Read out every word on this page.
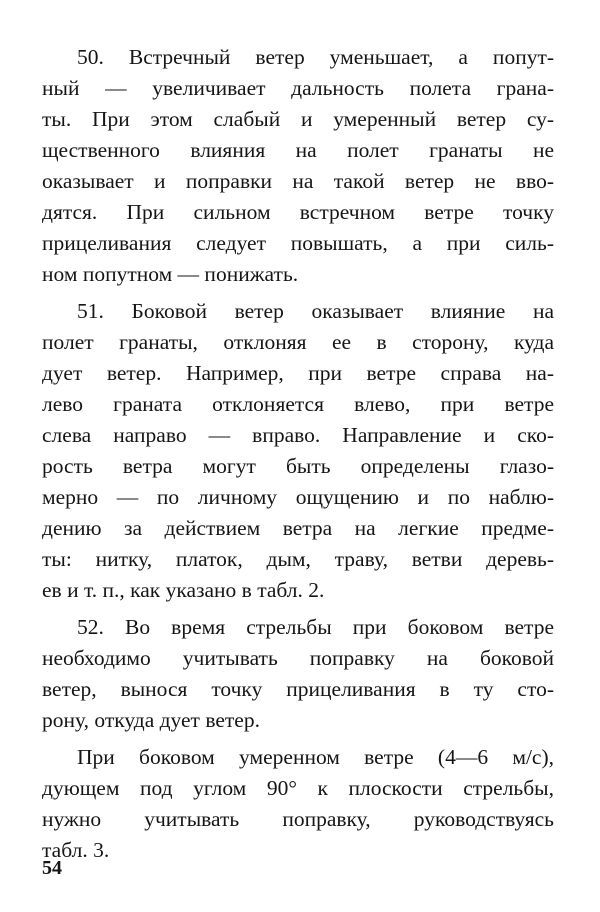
50. Встречный ветер уменьшает, а попут-
ный — увеличивает дальность полета грана-
ты. При этом слабый и умеренный ветер су-
щественного влияния на полет гранаты не
оказывает и поправки на такой ветер не вво-
дятся. При сильном встречном ветре точку
прицеливания следует повышать, а при силь-
ном попутном — понижать.
51. Боковой ветер оказывает влияние на
полет гранаты, отклоняя ее в сторону, куда
дует ветер. Например, при ветре справа на-
лево граната отклоняется влево, при ветре
слева направо — вправо. Направление и ско-
рость ветра могут быть определены глазо-
мерно — по личному ощущению и по наблю-
дению за действием ветра на легкие предме-
ты: нитку, платок, дым, траву, ветви деревь-
ев и т. п., как указано в табл. 2.
52. Во время стрельбы при боковом ветре
необходимо учитывать поправку на боковой
ветер, вынося точку прицеливания в ту сто-
рону, откуда дует ветер.
При боковом умеренном ветре (4—6 м/с),
дующем под углом 90° к плоскости стрельбы,
нужно учитывать поправку, руководствуясь
табл. 3.
54
